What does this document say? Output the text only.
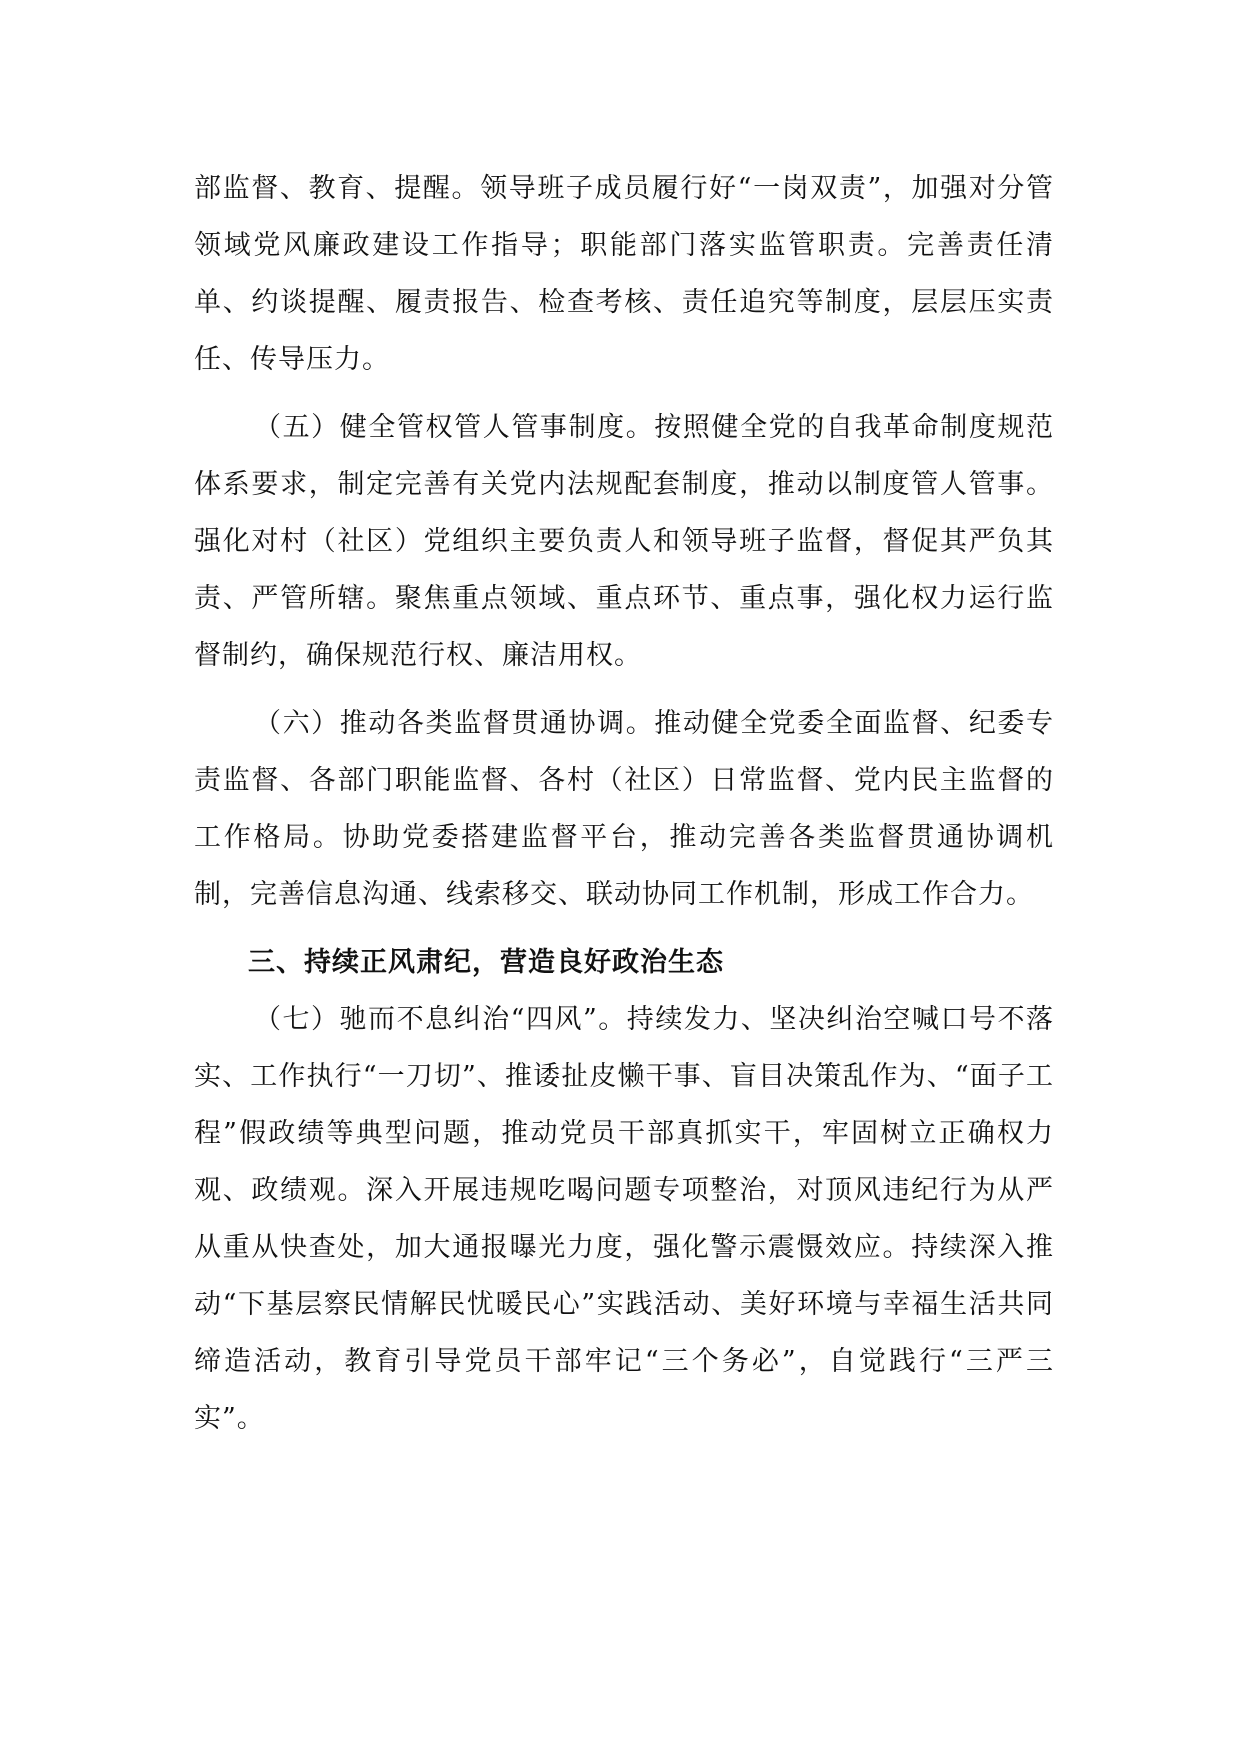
部监督、教育、提醒。领导班子成员履行好“一岗双责”，加强对分管领域党风廉政建设工作指导；职能部门落实监管职责。完善责任清单、约谈提醒、履责报告、检查考核、责任追究等制度，层层压实责任、传导压力。

（五）健全管权管人管事制度。按照健全党的自我革命制度规范体系要求，制定完善有关党内法规配套制度，推动以制度管人管事。强化对村（社区）党组织主要负责人和领导班子监督，督促其严负其责、严管所辖。聚焦重点领域、重点环节、重点事，强化权力运行监督制约，确保规范行权、廉洁用权。

（六）推动各类监督贯通协调。推动健全党委全面监督、纪委专责监督、各部门职能监督、各村（社区）日常监督、党内民主监督的工作格局。协助党委搭建监督平台，推动完善各类监督贯通协调机制，完善信息沟通、线索移交、联动协同工作机制，形成工作合力。

三、持续正风肃纪，营造良好政治生态

（七）驰而不息纠治“四风”。持续发力、坚决纠治空喊口号不落实、工作执行“一刀切”、推诿扯皮懒干事、盲目决策乱作为、“面子工程”假政绩等典型问题，推动党员干部真抓实干，牢固树立正确权力观、政绩观。深入开展违规吃喝问题专项整治，对顶风违纪行为从严从重从快查处，加大通报曝光力度，强化警示震慑效应。持续深入推动“下基层察民情解民忧暖民心”实践活动、美好环境与幸福生活共同缔造活动，教育引导党员干部牢记“三个务必”，自觉践行“三严三实”。
